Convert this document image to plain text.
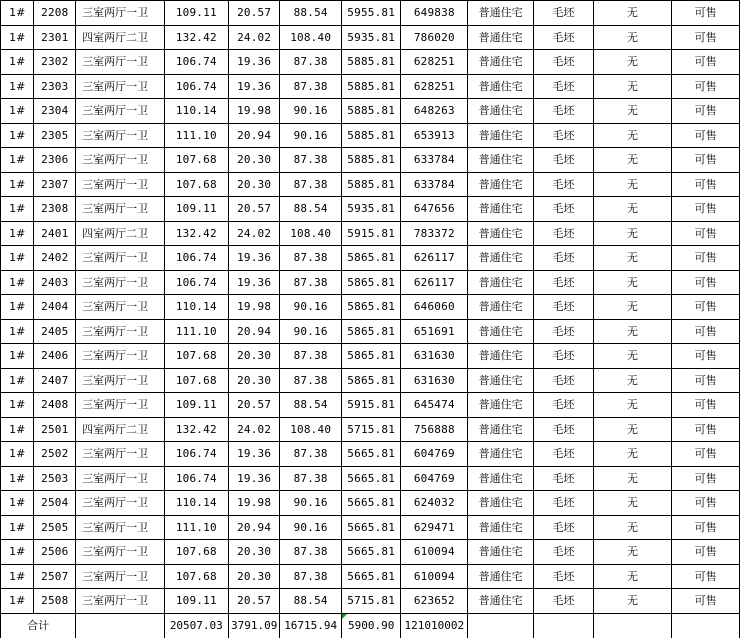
1#	2208	三室两厅一卫	109.11	20.57	88.54	5955.81	649838	普通住宅	毛坯	无	可售
1#	2301	四室两厅二卫	132.42	24.02	108.40	5935.81	786020	普通住宅	毛坯	无	可售
1#	2302	三室两厅一卫	106.74	19.36	87.38	5885.81	628251	普通住宅	毛坯	无	可售
1#	2303	三室两厅一卫	106.74	19.36	87.38	5885.81	628251	普通住宅	毛坯	无	可售
1#	2304	三室两厅一卫	110.14	19.98	90.16	5885.81	648263	普通住宅	毛坯	无	可售
1#	2305	三室两厅一卫	111.10	20.94	90.16	5885.81	653913	普通住宅	毛坯	无	可售
1#	2306	三室两厅一卫	107.68	20.30	87.38	5885.81	633784	普通住宅	毛坯	无	可售
1#	2307	三室两厅一卫	107.68	20.30	87.38	5885.81	633784	普通住宅	毛坯	无	可售
1#	2308	三室两厅一卫	109.11	20.57	88.54	5935.81	647656	普通住宅	毛坯	无	可售
1#	2401	四室两厅二卫	132.42	24.02	108.40	5915.81	783372	普通住宅	毛坯	无	可售
1#	2402	三室两厅一卫	106.74	19.36	87.38	5865.81	626117	普通住宅	毛坯	无	可售
1#	2403	三室两厅一卫	106.74	19.36	87.38	5865.81	626117	普通住宅	毛坯	无	可售
1#	2404	三室两厅一卫	110.14	19.98	90.16	5865.81	646060	普通住宅	毛坯	无	可售
1#	2405	三室两厅一卫	111.10	20.94	90.16	5865.81	651691	普通住宅	毛坯	无	可售
1#	2406	三室两厅一卫	107.68	20.30	87.38	5865.81	631630	普通住宅	毛坯	无	可售
1#	2407	三室两厅一卫	107.68	20.30	87.38	5865.81	631630	普通住宅	毛坯	无	可售
1#	2408	三室两厅一卫	109.11	20.57	88.54	5915.81	645474	普通住宅	毛坯	无	可售
1#	2501	四室两厅二卫	132.42	24.02	108.40	5715.81	756888	普通住宅	毛坯	无	可售
1#	2502	三室两厅一卫	106.74	19.36	87.38	5665.81	604769	普通住宅	毛坯	无	可售
1#	2503	三室两厅一卫	106.74	19.36	87.38	5665.81	604769	普通住宅	毛坯	无	可售
1#	2504	三室两厅一卫	110.14	19.98	90.16	5665.81	624032	普通住宅	毛坯	无	可售
1#	2505	三室两厅一卫	111.10	20.94	90.16	5665.81	629471	普通住宅	毛坯	无	可售
1#	2506	三室两厅一卫	107.68	20.30	87.38	5665.81	610094	普通住宅	毛坯	无	可售
1#	2507	三室两厅一卫	107.68	20.30	87.38	5665.81	610094	普通住宅	毛坯	无	可售
1#	2508	三室两厅一卫	109.11	20.57	88.54	5715.81	623652	普通住宅	毛坯	无	可售
合计			20507.03	3791.09	16715.94	5900.90	121010002				
